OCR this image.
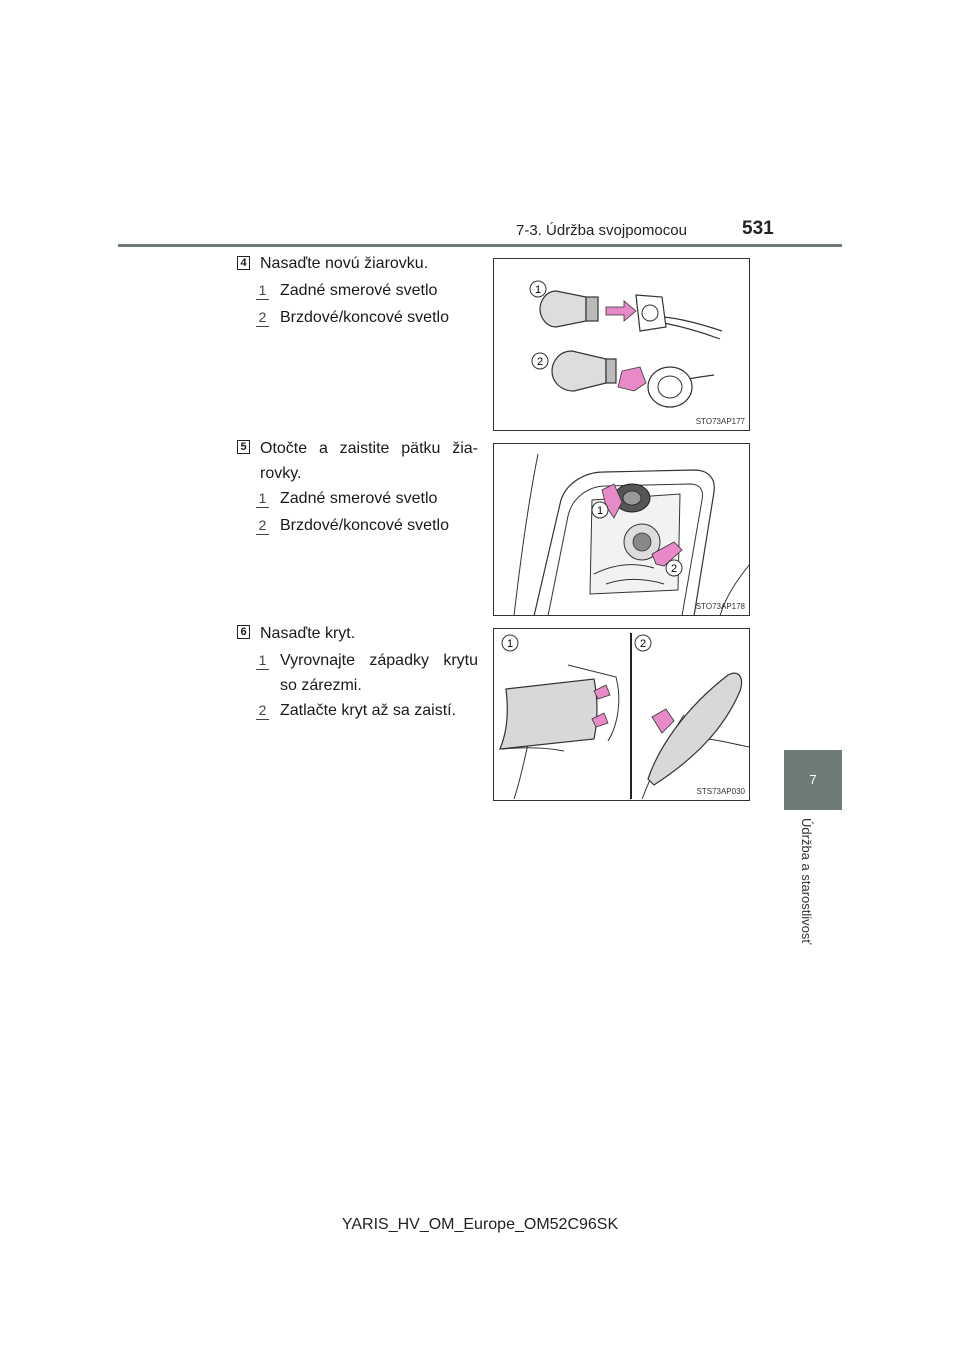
7-3. Údržba svojpomocou	531
7
Údržba a starostlivosť
4 Nasaďte novú žiarovku.
1 Zadné smerové svetlo
2 Brzdové/koncové svetlo
1
2
STO73AP177
5 Otočte a zaistite pätku žia-
rovky.
1 Zadné smerové svetlo
2 Brzdové/koncové svetlo
1
2
STO73AP178
6 Nasaďte kryt.
1 Vyrovnajte západky krytu
so zárezmi.
2 Zatlačte kryt až sa zaistí.
1	2
STS73AP030
YARIS_HV_OM_Europe_OM52C96SK
